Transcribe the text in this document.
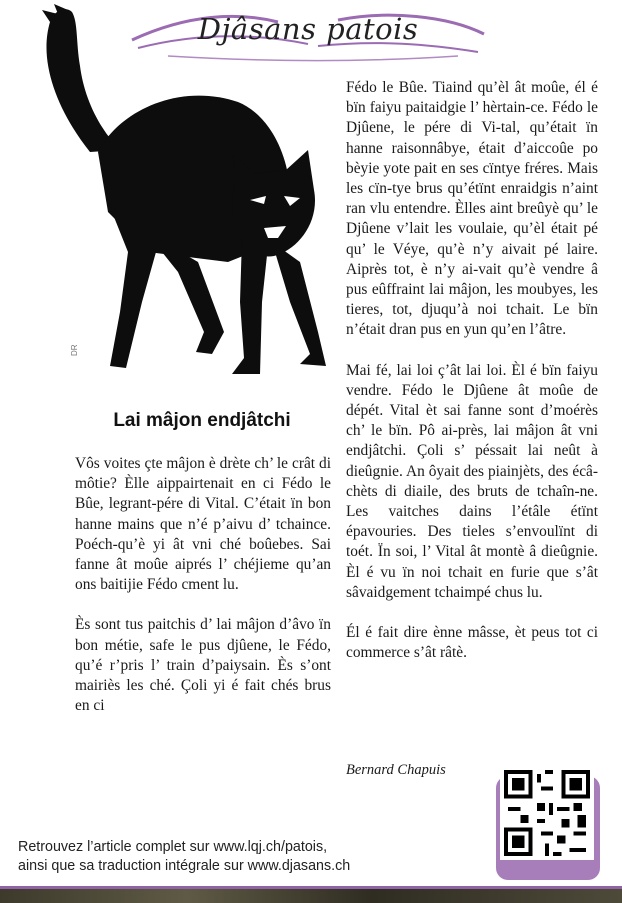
Djâsans patois
DR
Lai mâjon endjâtchi

Vôs voites çte mâjon è drète ch’ le crât di môtie? Èlle aippairtenait en ci Fédo le Bûe, legrant-pére di Vital. C’était ïn bon hanne mains que n’é p’aivu d’ tchaince. Poéch-qu’è yi ât vni ché boûebes. Sai fanne ât moûe aiprés l’ chéjieme qu’an ons baitijie Fédo cment lu.

Ès sont tus paitchis d’ lai mâjon d’âvo ïn bon métie, safe le pus djûene, le Fédo, qu’é r’pris l’ train d’paiysain. Ès s’ont mairiès les ché. Çoli yi é fait chés brus en ci

Fédo le Bûe. Tiaind qu’èl ât moûe, él é bïn faiyu paitaidgie l’ hèrtain-ce. Fédo le Djûene, le pére di Vi-tal, qu’était ïn hanne raisonnâbye, était d’aiccoûe po bèyie yote pait en ses cïntye fréres. Mais les cïn-tye brus qu’étïnt enraidgis n’aint ran vlu entendre. Èlles aint breûyè qu’ le Djûene v’lait les voulaie, qu’èl était pé qu’ le Véye, qu’è n’y aivait pé laire. Aiprès tot, è n’y ai-vait qu’è vendre â pus eûffraint lai mâjon, les moubyes, les tieres, tot, djuqu’à noi tchait. Le bïn n’était dran pus en yun qu’en l’âtre.

Mai fé, lai loi ç’ât lai loi. Èl é bïn faiyu vendre. Fédo le Djûene ât moûe de dépét. Vital èt sai fanne sont d’moérès ch’ le bïn. Pô ai-près, lai mâjon ât vni endjâtchi. Çoli s’ péssait lai neût à dieûgnie. An ôyait des piainjèts, des écâ-chèts di diaile, des bruts de tchaîn-ne. Les vaitches dains l’étâle étïnt épavouries. Des tieles s’envoulïnt di toét. Ïn soi, l’ Vital ât montè â dieûgnie. Èl é vu ïn noi tchait en furie que s’ât sâvaidgement tchaimpé chus lu.

Él é fait dire ènne mâsse, èt peus tot ci commerce s’ât râtè.

Bernard Chapuis
Retrouvez l’article complet sur www.lqj.ch/patois,
ainsi que sa traduction intégrale sur www.djasans.ch
